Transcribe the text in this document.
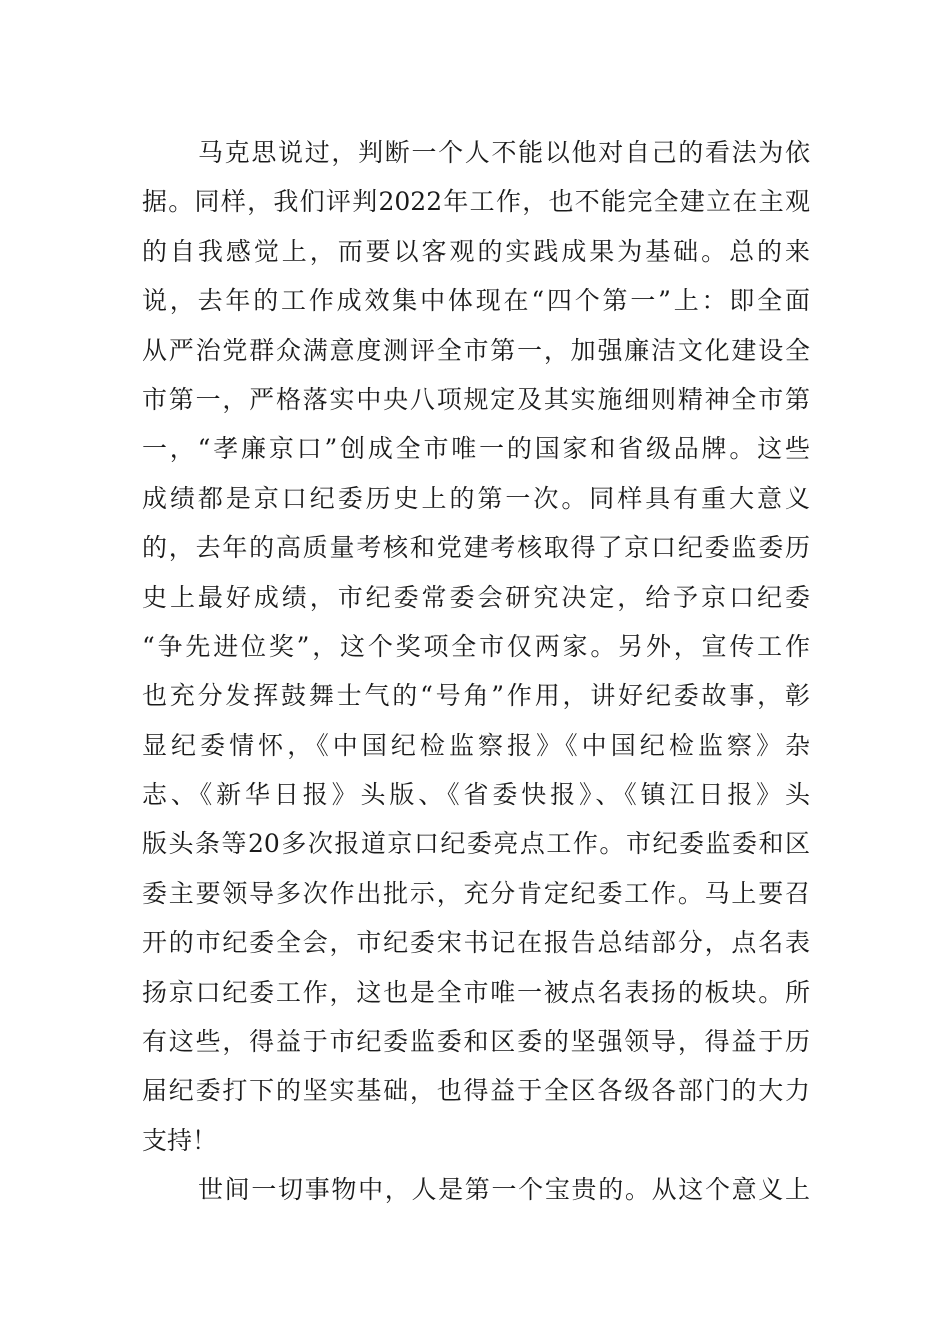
马克思说过，判断一个人不能以他对自己的看法为依
据。同样，我们评判2022年工作，也不能完全建立在主观
的自我感觉上，而要以客观的实践成果为基础。总的来
说，去年的工作成效集中体现在“四个第一”上：即全面
从严治党群众满意度测评全市第一，加强廉洁文化建设全
市第一，严格落实中央八项规定及其实施细则精神全市第
一，“孝廉京口”创成全市唯一的国家和省级品牌。这些
成绩都是京口纪委历史上的第一次。同样具有重大意义
的，去年的高质量考核和党建考核取得了京口纪委监委历
史上最好成绩，市纪委常委会研究决定，给予京口纪委
“争先进位奖”，这个奖项全市仅两家。另外，宣传工作
也充分发挥鼓舞士气的“号角”作用，讲好纪委故事，彰
显纪委情怀，《中国纪检监察报》《中国纪检监察》杂
志、《新华日报》头版、《省委快报》、《镇江日报》头
版头条等20多次报道京口纪委亮点工作。市纪委监委和区
委主要领导多次作出批示，充分肯定纪委工作。马上要召
开的市纪委全会，市纪委宋书记在报告总结部分，点名表
扬京口纪委工作，这也是全市唯一被点名表扬的板块。所
有这些，得益于市纪委监委和区委的坚强领导，得益于历
届纪委打下的坚实基础，也得益于全区各级各部门的大力
支持！
世间一切事物中，人是第一个宝贵的。从这个意义上
